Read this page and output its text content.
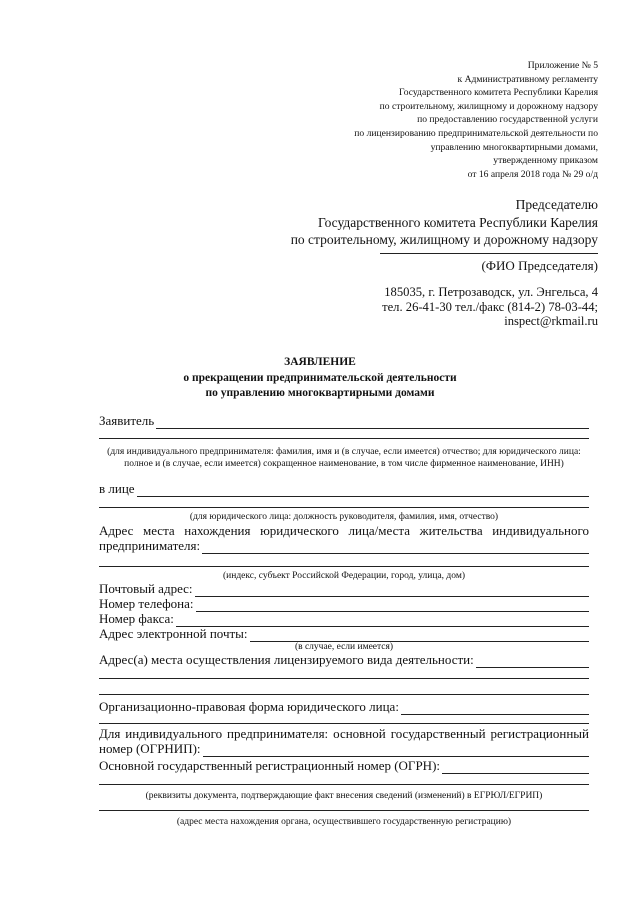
Приложение № 5
к Административному регламенту
Государственного комитета Республики Карелия
по строительному, жилищному и дорожному надзору
по предоставлению государственной услуги
по лицензированию предпринимательской деятельности по
управлению многоквартирными домами,
утвержденному приказом
от 16 апреля 2018 года № 29 о/д
Председателю
Государственного комитета Республики Карелия
по строительному, жилищному и дорожному надзору
(ФИО Председателя)
185035, г. Петрозаводск, ул. Энгельса, 4
тел. 26-41-30 тел./факс (814-2) 78-03-44;
inspect@rkmail.ru
ЗАЯВЛЕНИЕ
о прекращении предпринимательской деятельности
по управлению многоквартирными домами
Заявитель
(для индивидуального предпринимателя: фамилия, имя и (в случае, если имеется) отчество; для юридического лица: полное и (в случае, если имеется) сокращенное наименование, в том числе фирменное наименование, ИНН)
в лице
(для юридического лица: должность руководителя, фамилия, имя, отчество)
Адрес места нахождения юридического лица/места жительства индивидуального
предпринимателя:
(индекс, субъект Российской Федерации, город, улица, дом)
Почтовый адрес:
Номер телефона:
Номер факса:
Адрес электронной почты:
(в случае, если имеется)
Адрес(а) места осуществления лицензируемого вида деятельности:
Организационно-правовая форма юридического лица:
Для индивидуального предпринимателя: основной государственный регистрационный
номер (ОГРНИП):
Основной государственный регистрационный номер (ОГРН):
(реквизиты документа, подтверждающие факт внесения сведений (изменений) в ЕГРЮЛ/ЕГРИП)
(адрес места нахождения органа, осуществившего государственную регистрацию)
